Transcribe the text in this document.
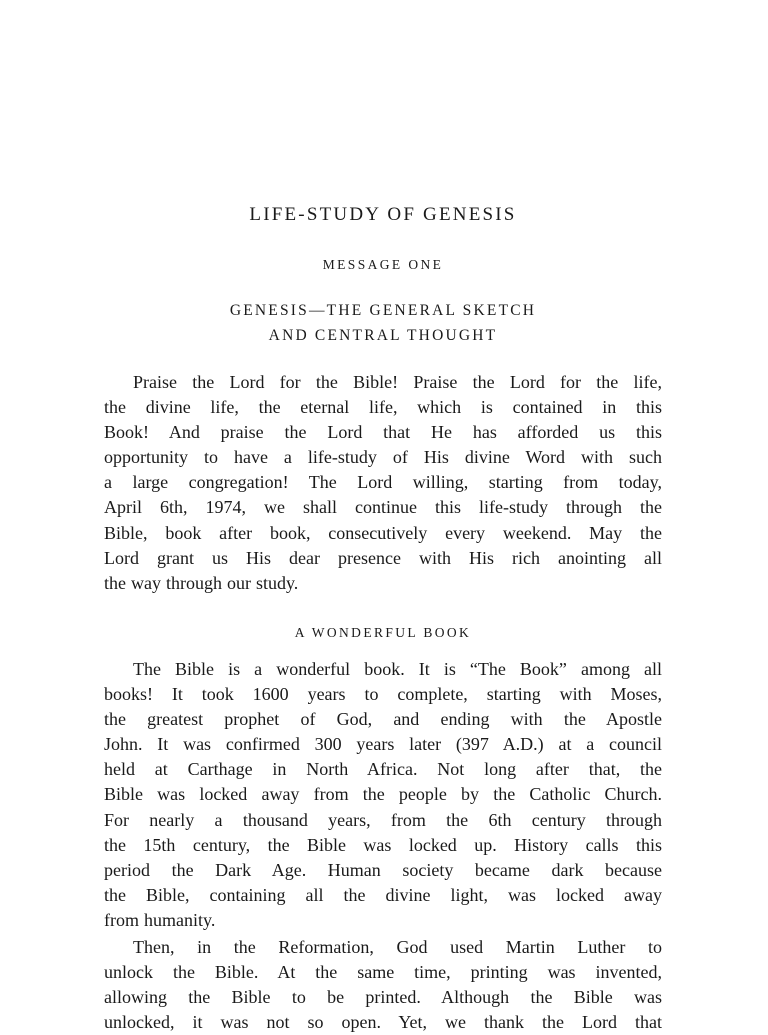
LIFE-STUDY OF GENESIS
MESSAGE ONE
GENESIS—THE GENERAL SKETCH
AND CENTRAL THOUGHT
Praise the Lord for the Bible! Praise the Lord for the life,
the divine life, the eternal life, which is contained in this
Book! And praise the Lord that He has afforded us this
opportunity to have a life-study of His divine Word with such
a large congregation! The Lord willing, starting from today,
April 6th, 1974, we shall continue this life-study through the
Bible, book after book, consecutively every weekend. May the
Lord grant us His dear presence with His rich anointing all
the way through our study.
A WONDERFUL BOOK
The Bible is a wonderful book. It is “The Book” among all
books! It took 1600 years to complete, starting with Moses,
the greatest prophet of God, and ending with the Apostle
John. It was confirmed 300 years later (397 A.D.) at a council
held at Carthage in North Africa. Not long after that, the
Bible was locked away from the people by the Catholic Church.
For nearly a thousand years, from the 6th century through
the 15th century, the Bible was locked up. History calls this
period the Dark Age. Human society became dark because
the Bible, containing all the divine light, was locked away
from humanity.
Then, in the Reformation, God used Martin Luther to
unlock the Bible. At the same time, printing was invented,
allowing the Bible to be printed. Although the Bible was
unlocked, it was not so open. Yet, we thank the Lord that
